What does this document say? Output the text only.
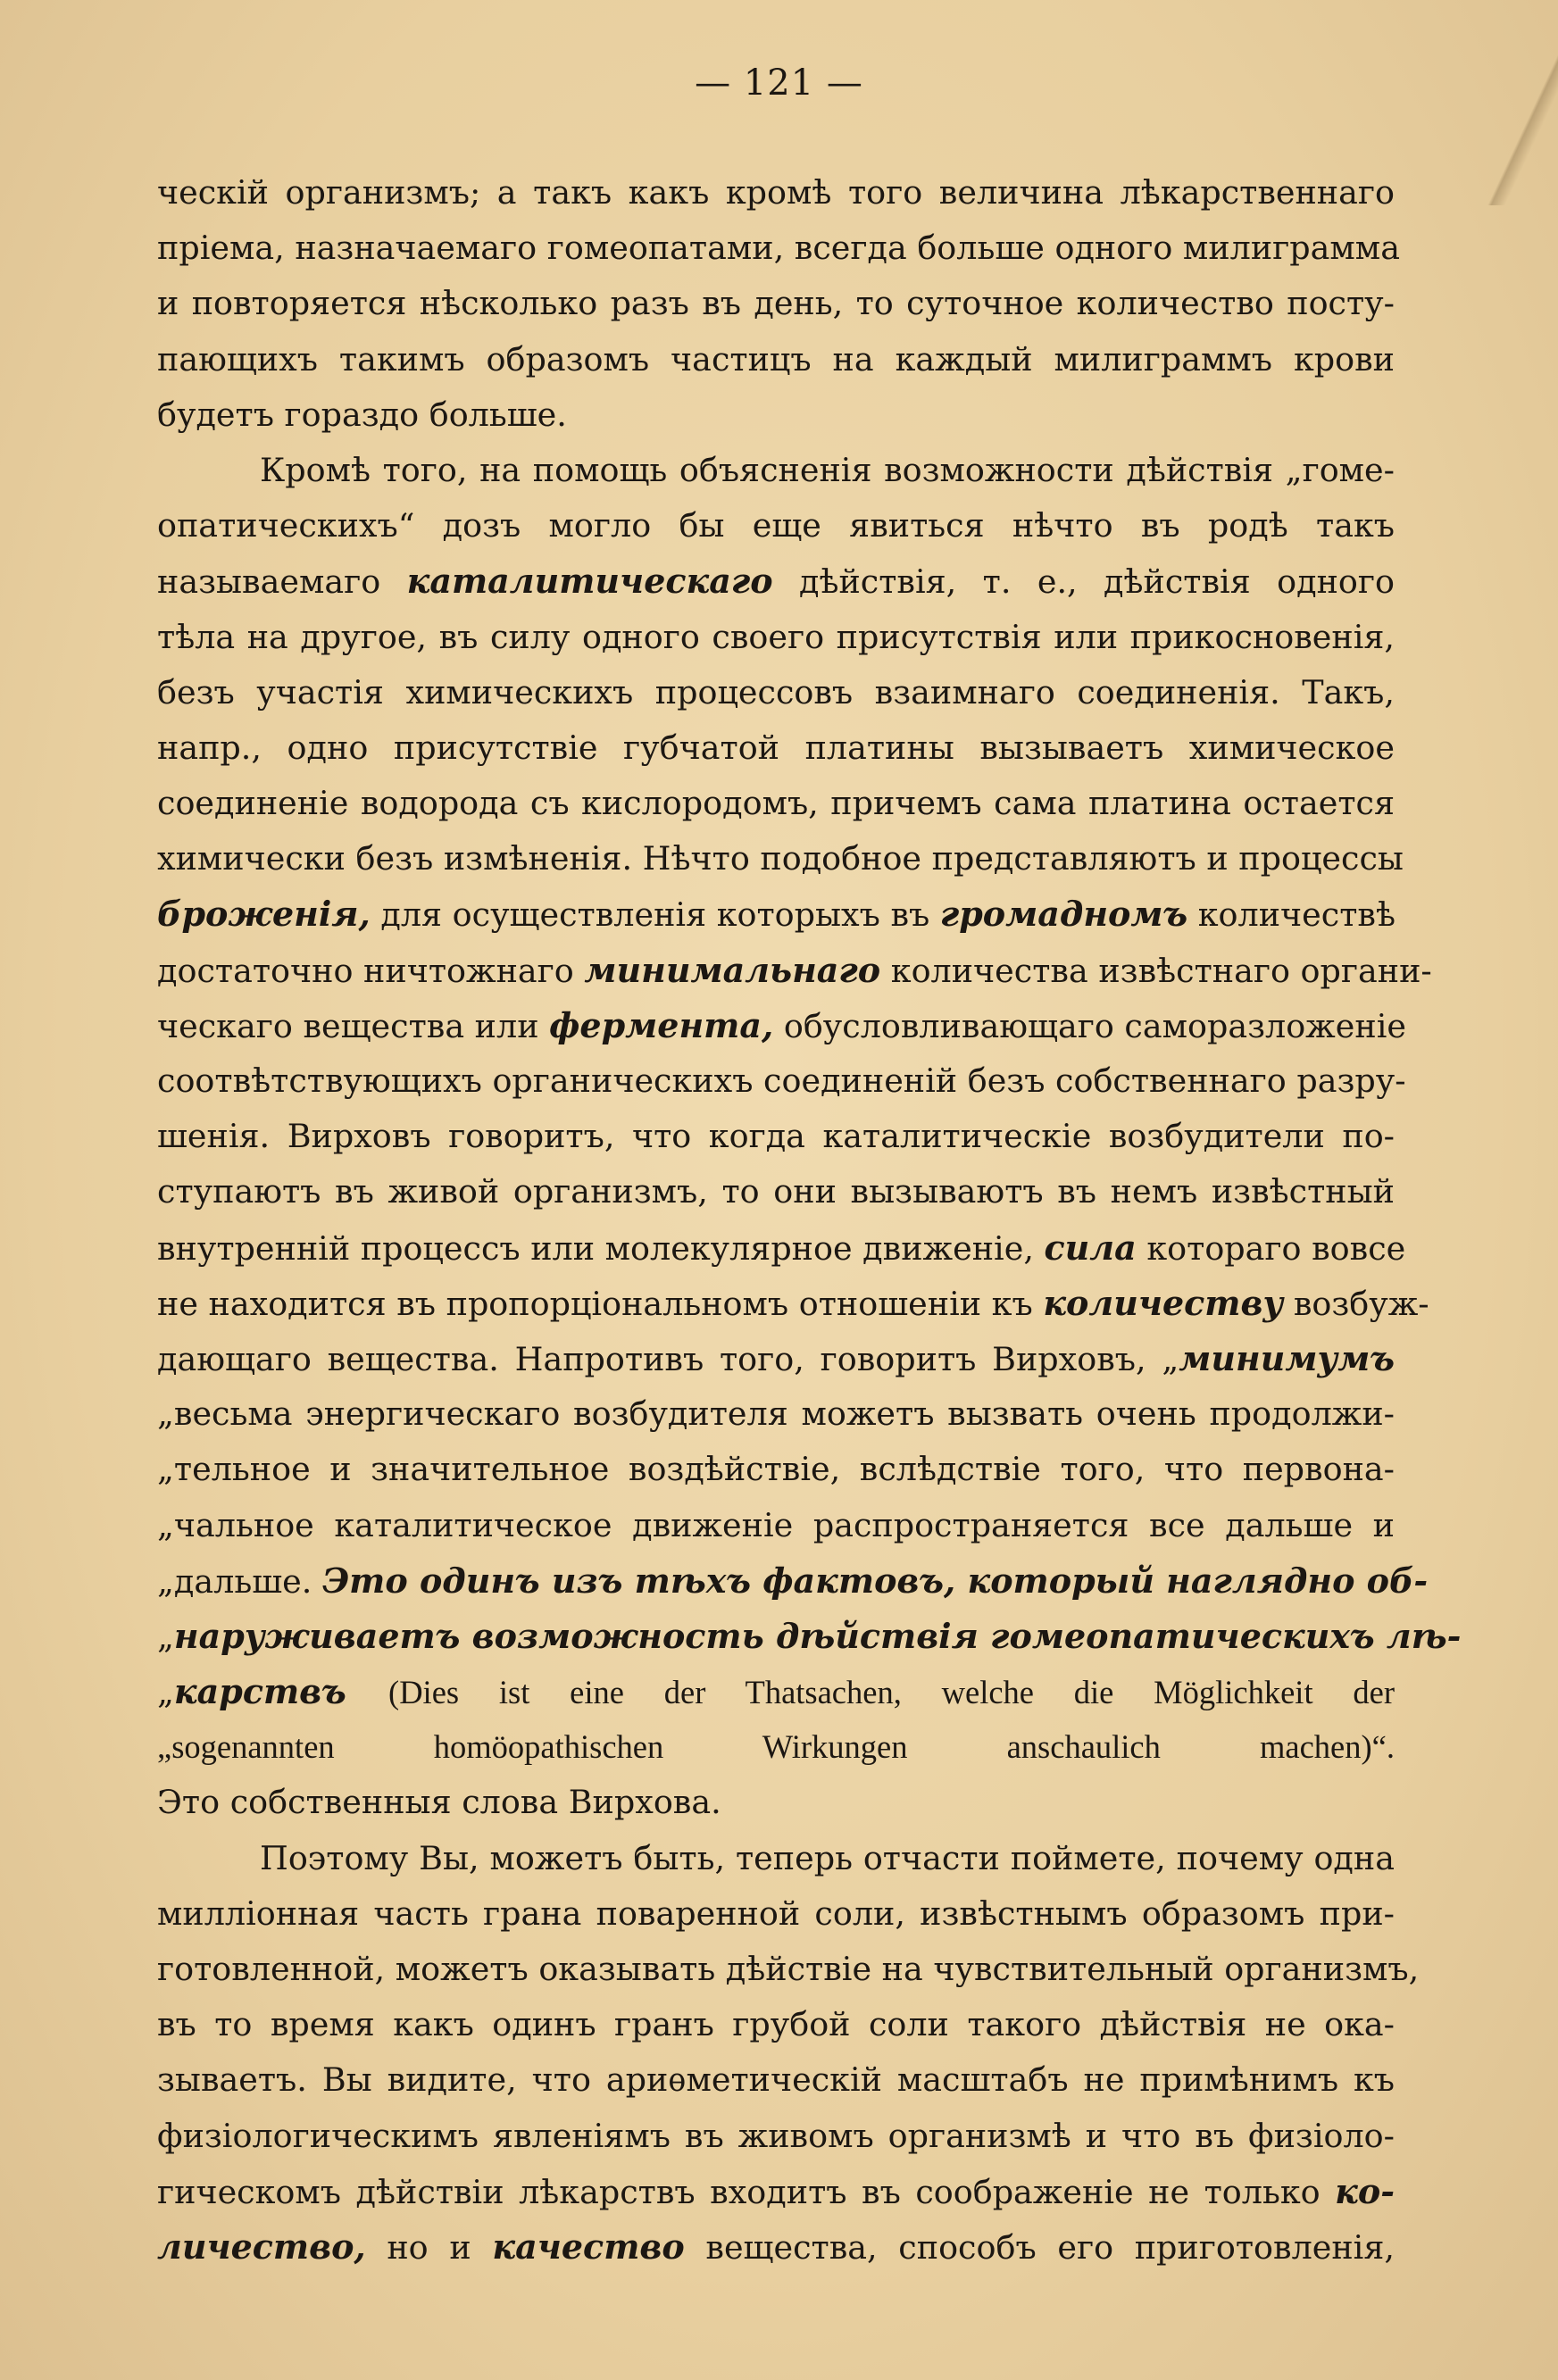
— 121 —
ческій организмъ; а такъ какъ кромѣ того величина лѣкарственнаго
пріема, назначаемаго гомеопатами, всегда больше одного милиграмма
и повторяется нѣсколько разъ въ день, то суточное количество посту-
пающихъ такимъ образомъ частицъ на каждый милиграммъ крови
будетъ гораздо больше.
Кромѣ того, на помощь объясненія возможности дѣйствія „гоме-
опатическихъ“ дозъ могло бы еще явиться нѣчто въ родѣ такъ
называемаго каталитическаго дѣйствія, т. е., дѣйствія одного
тѣла на другое, въ силу одного своего присутствія или прикосновенія,
безъ участія химическихъ процессовъ взаимнаго соединенія. Такъ,
напр., одно присутствіе губчатой платины вызываетъ химическое
соединеніе водорода съ кислородомъ, причемъ сама платина остается
химически безъ измѣненія. Нѣчто подобное представляютъ и процессы
броженія, для осуществленія которыхъ въ громадномъ количествѣ
достаточно ничтожнаго минимальнаго количества извѣстнаго органи-
ческаго вещества или фермента, обусловливающаго саморазложеніе
соотвѣтствующихъ органическихъ соединеній безъ собственнаго разру-
шенія. Вирховъ говоритъ, что когда каталитическіе возбудители по-
ступаютъ въ живой организмъ, то они вызываютъ въ немъ извѣстный
внутренній процессъ или молекулярное движеніе, сила котораго вовсе
не находится въ пропорціональномъ отношеніи къ количеству возбуж-
дающаго вещества. Напротивъ того, говоритъ Вирховъ, „минимумъ
„весьма энергическаго возбудителя можетъ вызвать очень продолжи-
„тельное и значительное воздѣйствіе, вслѣдствіе того, что первона-
„чальное каталитическое движеніе распространяется все дальше и
„дальше. Это одинъ изъ тѣхъ фактовъ, который наглядно об-
„наруживаетъ возможность дѣйствія гомеопатическихъ лѣ-
„карствъ (Dies ist eine der Thatsachen, welche die Möglichkeit der
„sogenannten homöopathischen Wirkungen anschaulich machen)“.
Это собственныя слова Вирхова.
Поэтому Вы, можетъ быть, теперь отчасти поймете, почему одна
милліонная часть грана поваренной соли, извѣстнымъ образомъ при-
готовленной, можетъ оказывать дѣйствіе на чувствительный организмъ,
въ то время какъ одинъ гранъ грубой соли такого дѣйствія не ока-
зываетъ. Вы видите, что ариѳметическій масштабъ не примѣнимъ къ
физіологическимъ явленіямъ въ живомъ организмѣ и что въ физіоло-
гическомъ дѣйствіи лѣкарствъ входитъ въ соображеніе не только ко-
личество, но и качество вещества, способъ его приготовленія,
